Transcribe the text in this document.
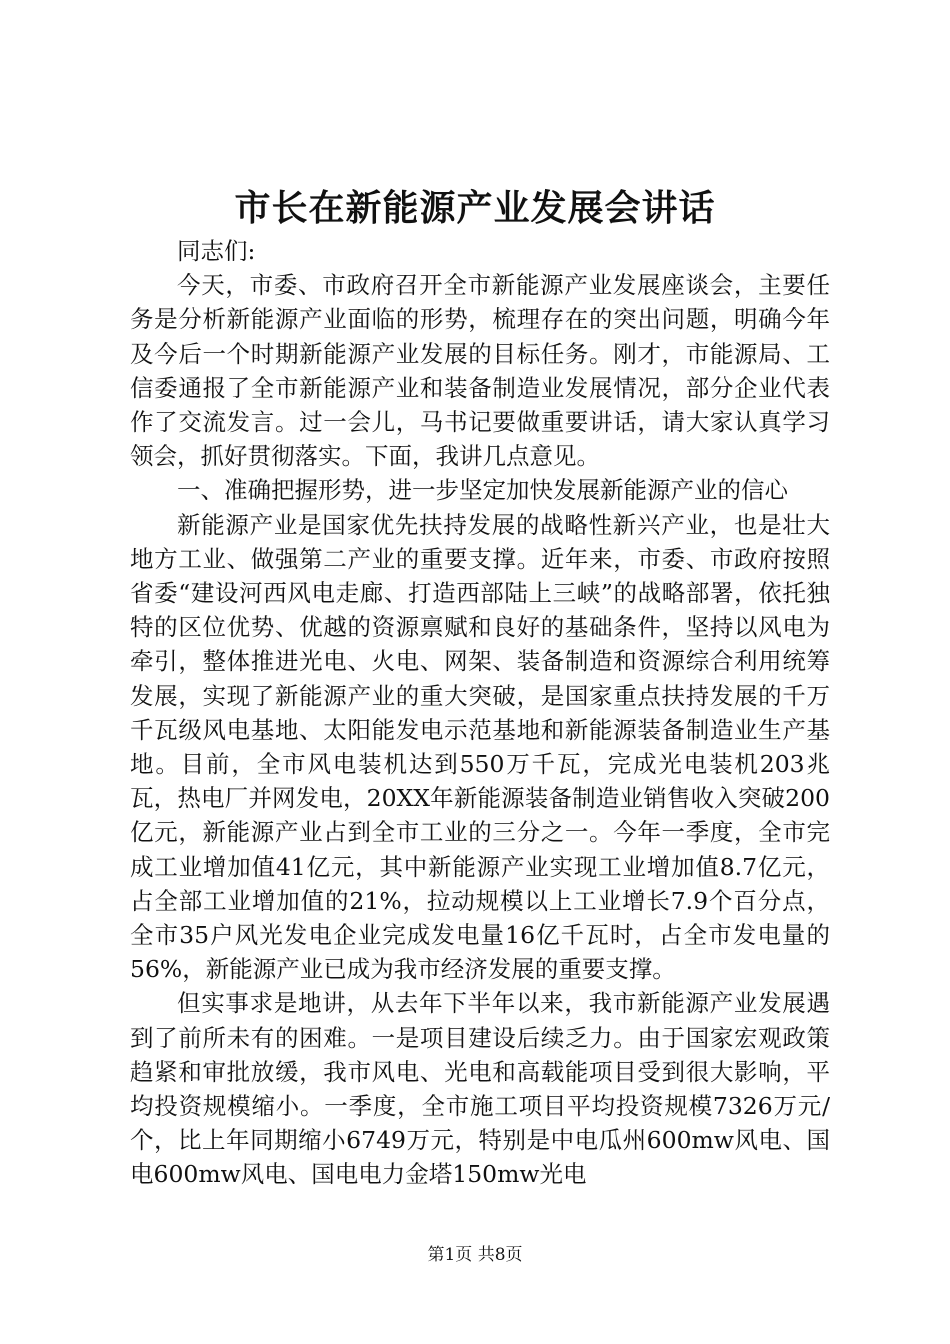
市长在新能源产业发展会讲话

同志们:

今天，市委、市政府召开全市新能源产业发展座谈会，主要任务是分析新能源产业面临的形势，梳理存在的突出问题，明确今年及今后一个时期新能源产业发展的目标任务。刚才，市能源局、工信委通报了全市新能源产业和装备制造业发展情况，部分企业代表作了交流发言。过一会儿，马书记要做重要讲话，请大家认真学习领会，抓好贯彻落实。下面，我讲几点意见。

一、准确把握形势，进一步坚定加快发展新能源产业的信心

新能源产业是国家优先扶持发展的战略性新兴产业，也是壮大地方工业、做强第二产业的重要支撑。近年来，市委、市政府按照省委“建设河西风电走廊、打造西部陆上三峡”的战略部署，依托独特的区位优势、优越的资源禀赋和良好的基础条件，坚持以风电为牵引，整体推进光电、火电、网架、装备制造和资源综合利用统筹发展，实现了新能源产业的重大突破，是国家重点扶持发展的千万千瓦级风电基地、太阳能发电示范基地和新能源装备制造业生产基地。目前，全市风电装机达到550万千瓦，完成光电装机203兆瓦，热电厂并网发电，20XX年新能源装备制造业销售收入突破200亿元，新能源产业占到全市工业的三分之一。今年一季度，全市完成工业增加值41亿元，其中新能源产业实现工业增加值8.7亿元，占全部工业增加值的21%，拉动规模以上工业增长7.9个百分点，全市35户风光发电企业完成发电量16亿千瓦时，占全市发电量的56%，新能源产业已成为我市经济发展的重要支撑。

但实事求是地讲，从去年下半年以来，我市新能源产业发展遇到了前所未有的困难。一是项目建设后续乏力。由于国家宏观政策趋紧和审批放缓，我市风电、光电和高载能项目受到很大影响，平均投资规模缩小。一季度，全市施工项目平均投资规模7326万元/个，比上年同期缩小6749万元，特别是中电瓜州600mw风电、国电600mw风电、国电电力金塔150mw光电

第1页 共8页
